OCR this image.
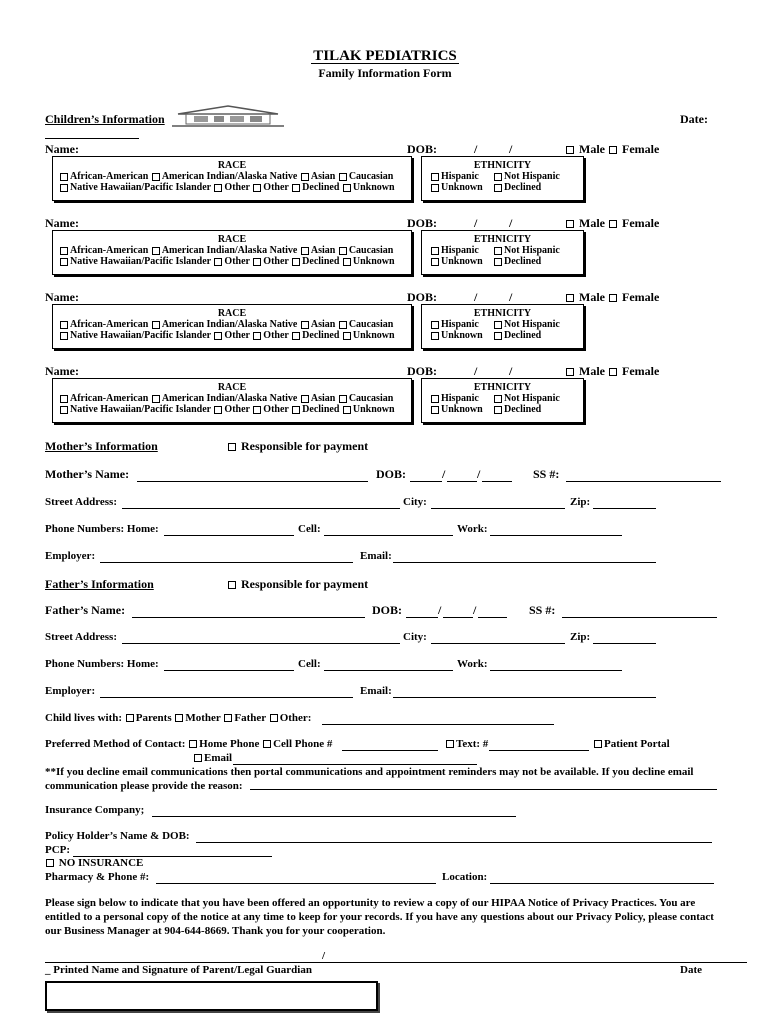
TILAK PEDIATRICS
Family Information Form
Children’s Information	Date:
Name:	DOB:	/	/	Male Female
RACE
African-American American Indian/Alaska Native Asian Caucasian
Native Hawaiian/Pacific Islander Other Other Declined Unknown
ETHNICITY
Hispanic	Not Hispanic
Unknown Declined
Name:	DOB:	/	/	Male Female
RACE
African-American American Indian/Alaska Native Asian Caucasian
Native Hawaiian/Pacific Islander Other Other Declined Unknown
ETHNICITY
Hispanic	Not Hispanic
Unknown Declined
Name:	DOB:	/	/	Male Female
RACE
African-American American Indian/Alaska Native Asian Caucasian
Native Hawaiian/Pacific Islander Other Other Declined Unknown
ETHNICITY
Hispanic	Not Hispanic
Unknown Declined
Name:	DOB:	/	/	Male Female
RACE
African-American American Indian/Alaska Native Asian Caucasian
Native Hawaiian/Pacific Islander Other Other Declined Unknown
ETHNICITY
Hispanic	Not Hispanic
Unknown Declined
Mother’s Information	Responsible for payment
Mother’s Name:	DOB:	/	/	SS #:
Street Address:	City:	Zip:
Phone Numbers: Home:	Cell:	Work:
Employer:	Email:
Father’s Information	Responsible for payment
Father’s Name:	DOB:	/	/	SS #:
Street Address:	City:	Zip:
Phone Numbers: Home:	Cell:	Work:
Employer:	Email:
Child lives with: Parents Mother Father Other:
Preferred Method of Contact: Home Phone Cell Phone #	Text: #	Patient Portal
Email

**If you decline email communications then portal communications and appointment reminders may not be available. If you decline email communication please provide the reason:

Insurance Company;
Policy Holder’s Name & DOB:
PCP:
NO INSURANCE
Pharmacy & Phone #:	Location:

Please sign below to indicate that you have been offered an opportunity to review a copy of our HIPAA Notice of Privacy Practices. You are entitled to a personal copy of the notice at any time to keep for your records. If you have any questions about our Privacy Policy, please contact our Business Manager at 904-644-8669. Thank you for your cooperation.

/
_ Printed Name and Signature of Parent/Legal Guardian	Date
